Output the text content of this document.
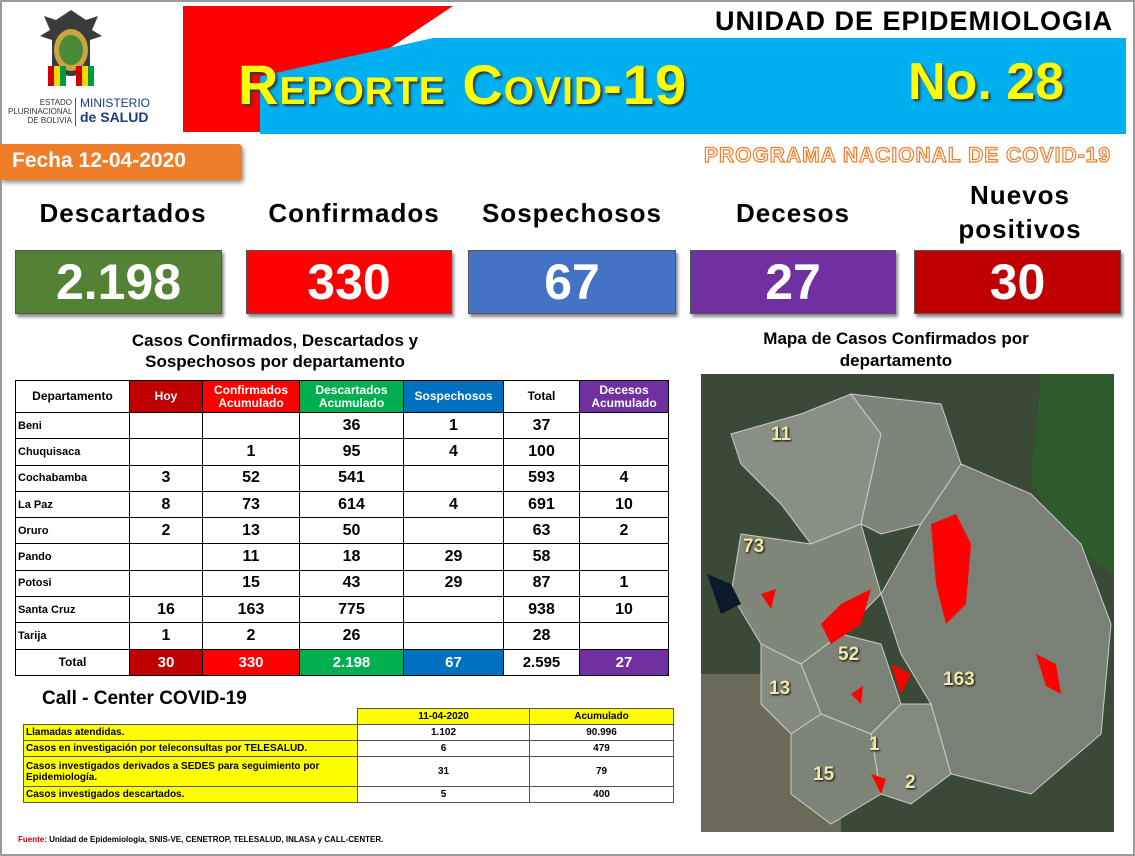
ESTADO PLURINACIONAL DE BOLIVIA
MINISTERIO
de SALUD
UNIDAD DE EPIDEMIOLOGIA
Reporte Covid-19	No. 28
Fecha 12-04-2020	PROGRAMA NACIONAL DE COVID-19
Descartados	Confirmados	Sospechosos	Decesos
Nuevos positivos
2.198	330	67	27	30
Casos Confirmados, Descartados y
Sospechosos por departamento
Departamento	Hoy	Confirmados Acumulado	Descartados Acumulado	Sospechosos	Total	Decesos Acumulado
Beni			36	1	37	
Chuquisaca		1	95	4	100	
Cochabamba	3	52	541		593	4
La Paz	8	73	614	4	691	10
Oruro	2	13	50		63	2
Pando		11	18	29	58	
Potosi		15	43	29	87	1
Santa Cruz	16	163	775		938	10
Tarija	1	2	26		28	
Total	30	330	2.198	67	2.595	27
Call - Center COVID-19
	11-04-2020	Acumulado
Llamadas atendidas.	1.102	90.996
Casos en investigación por teleconsultas por TELESALUD.	6	479
Casos investigados derivados a SEDES para seguimiento por Epidemiología.	31	79
Casos investigados descartados.	5	400
Fuente: Unidad de Epidemiología, SNIS-VE, CENETROP, TELESALUD, INLASA y CALL-CENTER.
Mapa de Casos Confirmados por
departamento
11
73
52
13	163
1
15	2
